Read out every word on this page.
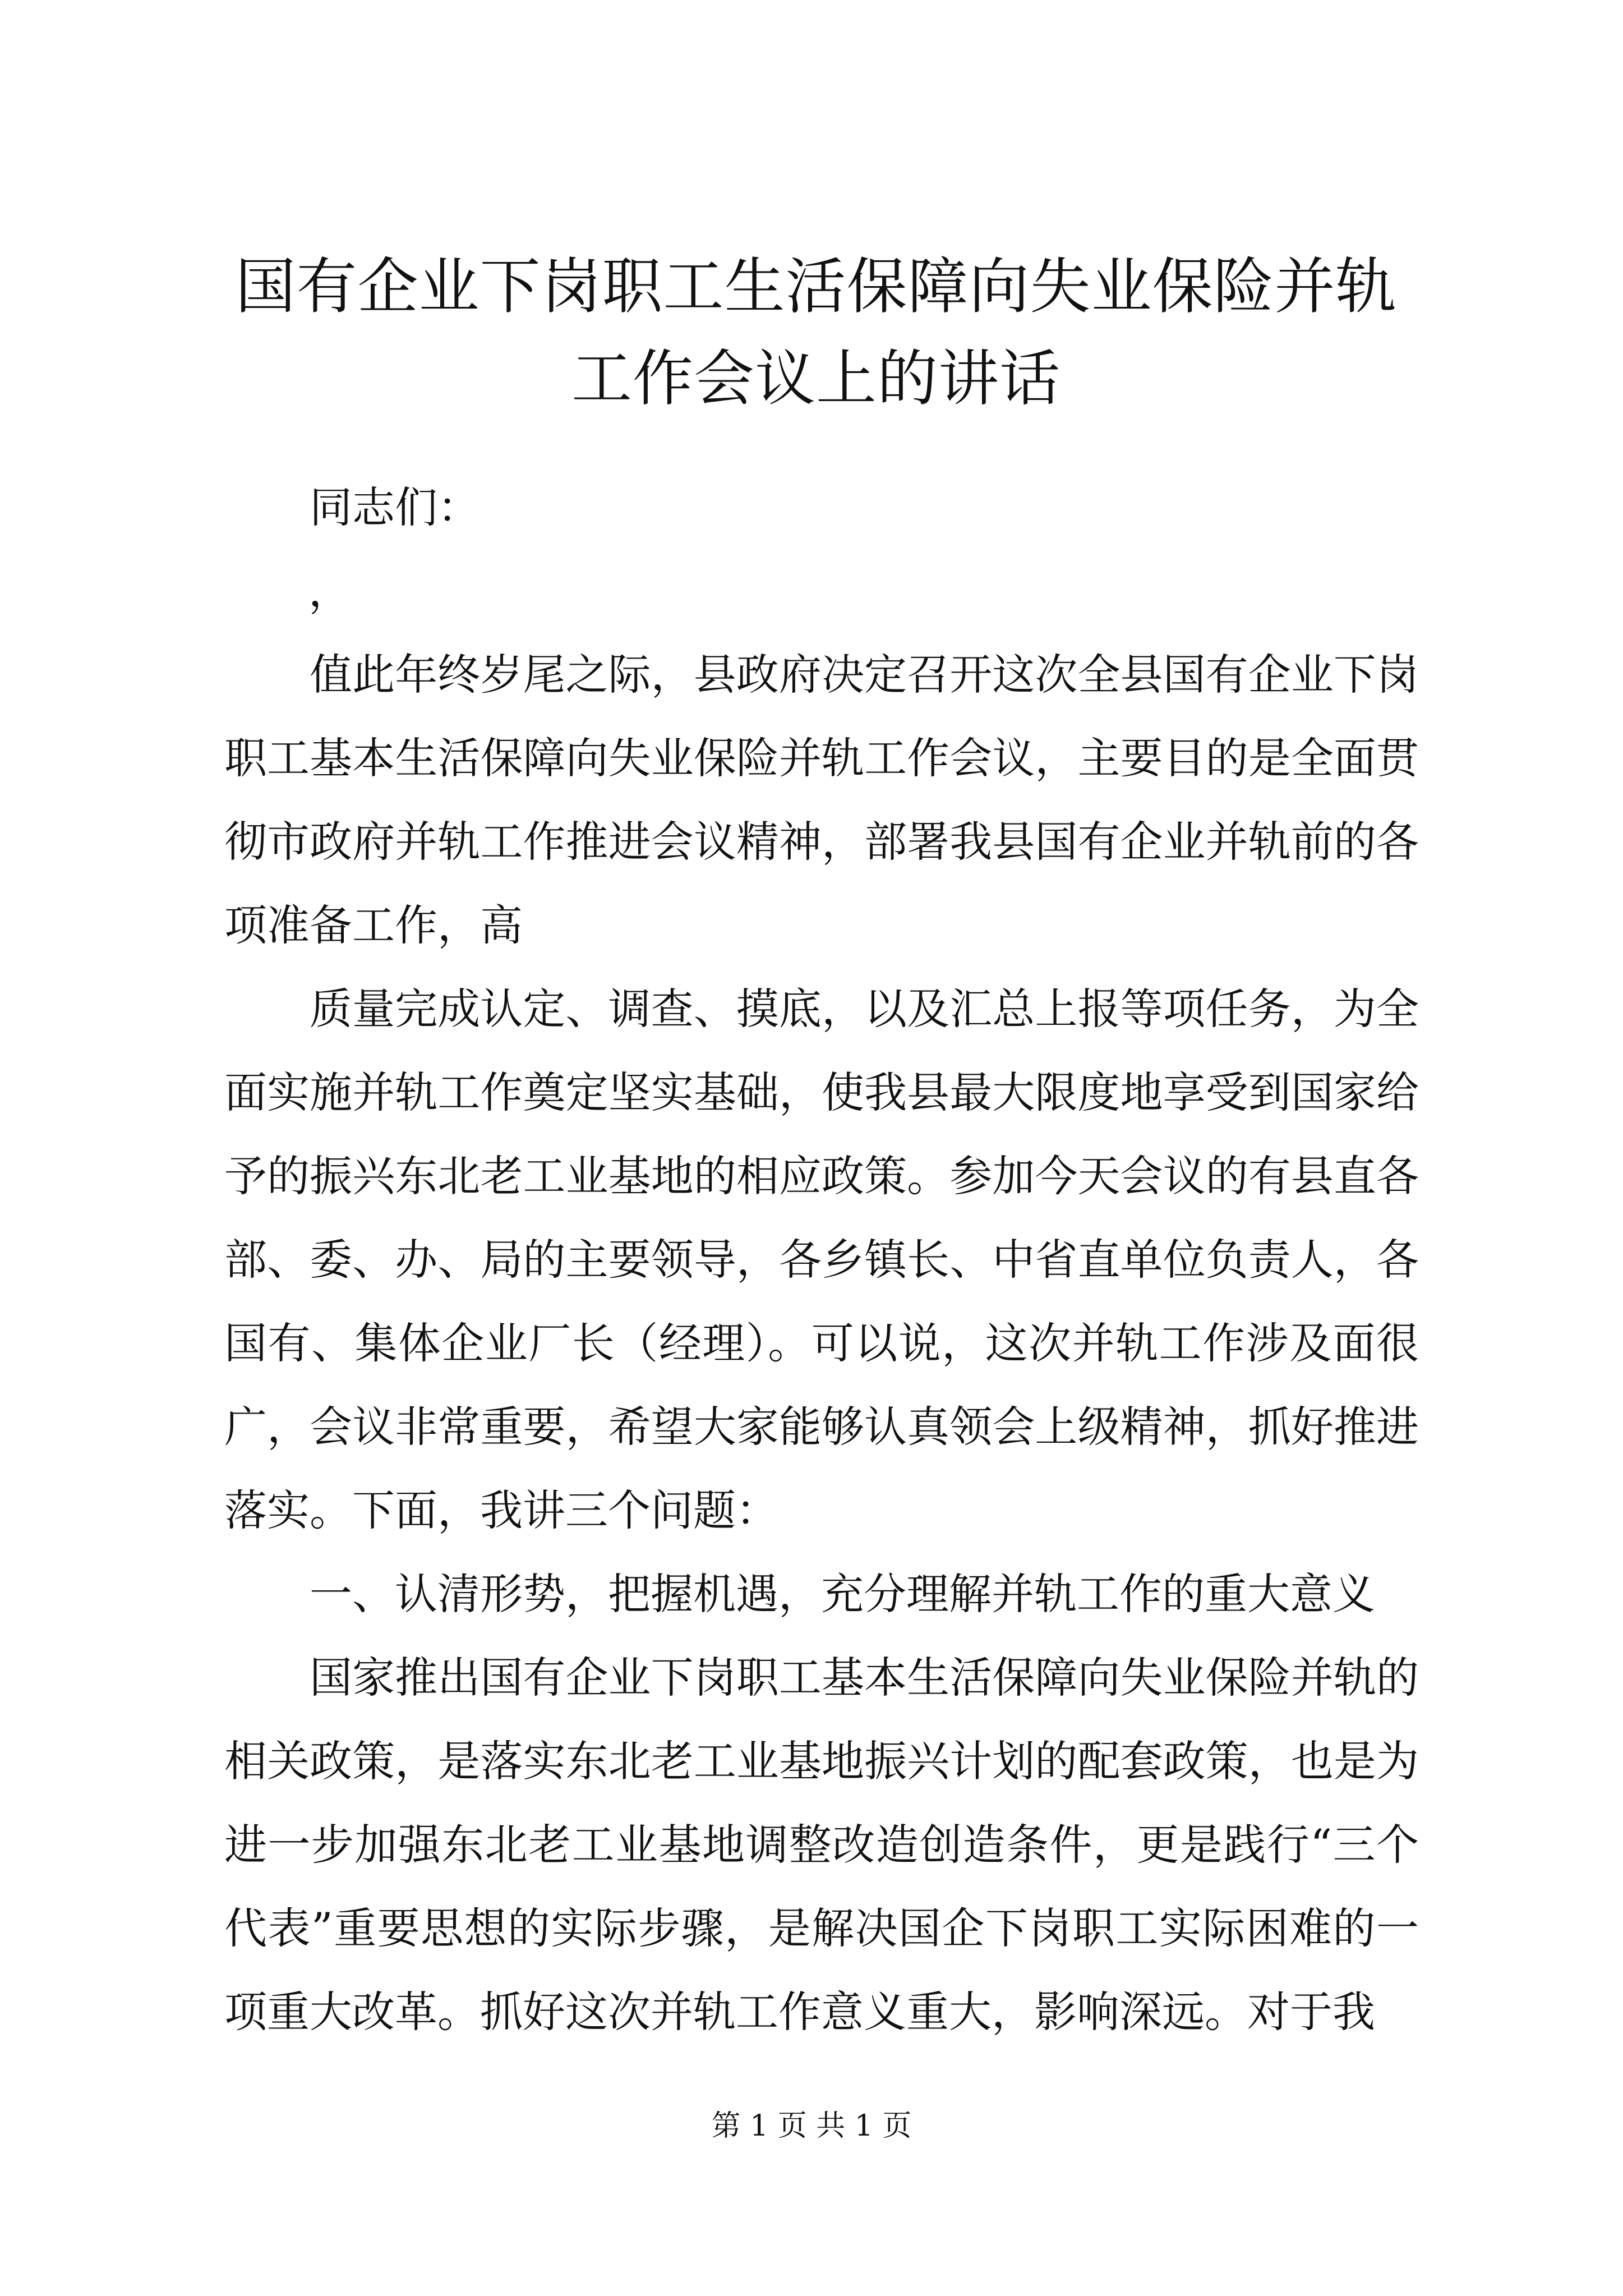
国有企业下岗职工生活保障向失业保险并轨工作会议上的讲话

同志们：

，

值此年终岁尾之际，县政府决定召开这次全县国有企业下岗职工基本生活保障向失业保险并轨工作会议，主要目的是全面贯彻市政府并轨工作推进会议精神，部署我县国有企业并轨前的各项准备工作，高

质量完成认定、调查、摸底，以及汇总上报等项任务，为全面实施并轨工作奠定坚实基础，使我县最大限度地享受到国家给予的振兴东北老工业基地的相应政策。参加今天会议的有县直各部、委、办、局的主要领导，各乡镇长、中省直单位负责人，各国有、集体企业厂长（经理）。可以说，这次并轨工作涉及面很广，会议非常重要，希望大家能够认真领会上级精神，抓好推进落实。下面，我讲三个问题：

一、认清形势，把握机遇，充分理解并轨工作的重大意义

国家推出国有企业下岗职工基本生活保障向失业保险并轨的相关政策，是落实东北老工业基地振兴计划的配套政策，也是为进一步加强东北老工业基地调整改造创造条件，更是践行“三个代表”重要思想的实际步骤，是解决国企下岗职工实际困难的一项重大改革。抓好这次并轨工作意义重大，影响深远。对于我

第 1 页 共 1 页
